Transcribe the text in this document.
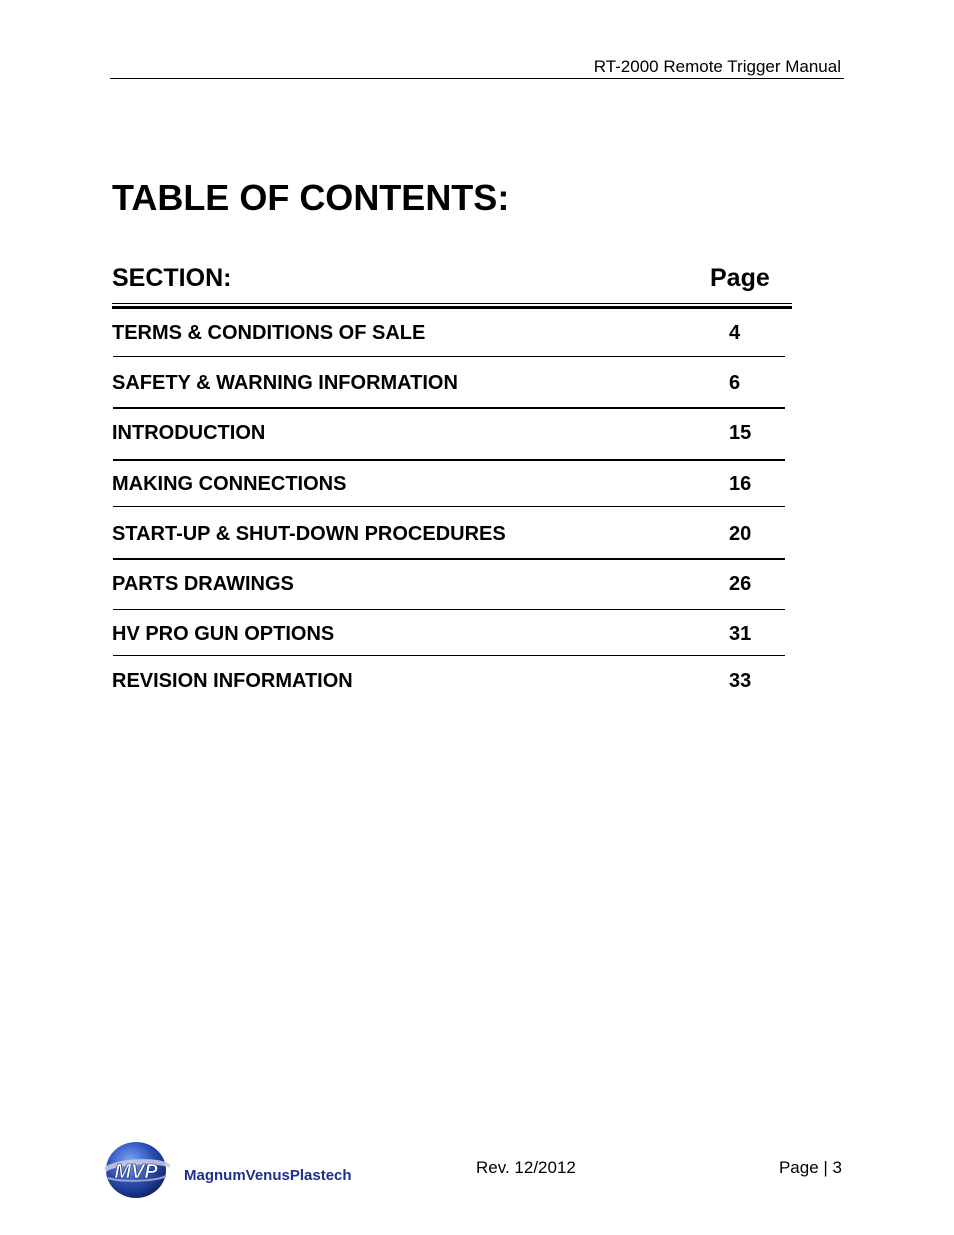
RT-2000 Remote Trigger Manual
TABLE OF CONTENTS:
SECTION:	Page
TERMS & CONDITIONS OF SALE	4
SAFETY & WARNING INFORMATION	6
INTRODUCTION	15
MAKING CONNECTIONS	16
START-UP & SHUT-DOWN PROCEDURES	20
PARTS DRAWINGS	26
HV PRO GUN OPTIONS	31
REVISION INFORMATION	33
MVP MagnumVenusPlastech	Rev. 12/2012	Page | 3
